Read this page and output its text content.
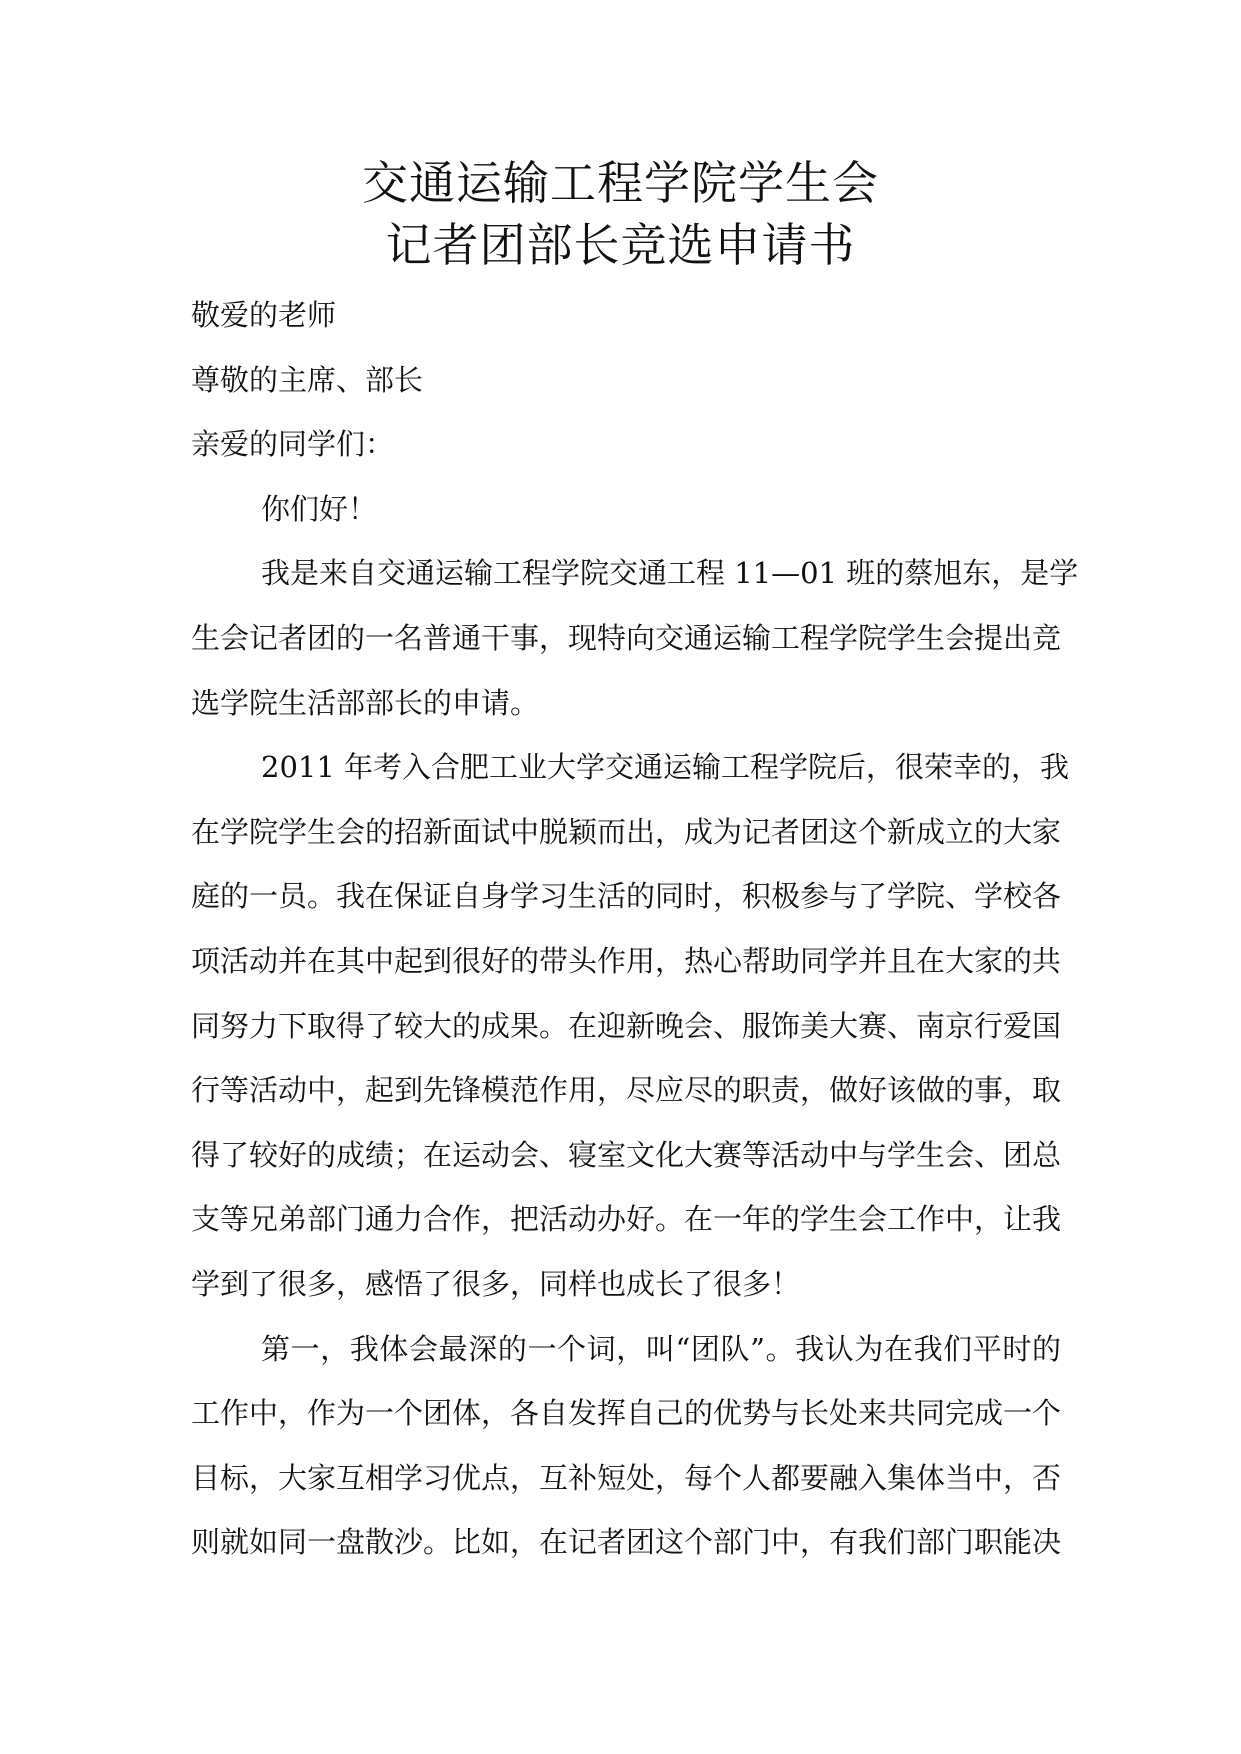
交通运输工程学院学生会
记者团部长竞选申请书
敬爱的老师
尊敬的主席、部长
亲爱的同学们：
你们好！
我是来自交通运输工程学院交通工程 11—01 班的蔡旭东，是学
生会记者团的一名普通干事，现特向交通运输工程学院学生会提出竞
选学院生活部部长的申请。
2011 年考入合肥工业大学交通运输工程学院后，很荣幸的，我
在学院学生会的招新面试中脱颖而出，成为记者团这个新成立的大家
庭的一员。我在保证自身学习生活的同时，积极参与了学院、学校各
项活动并在其中起到很好的带头作用，热心帮助同学并且在大家的共
同努力下取得了较大的成果。在迎新晚会、服饰美大赛、南京行爱国
行等活动中，起到先锋模范作用，尽应尽的职责，做好该做的事，取
得了较好的成绩；在运动会、寝室文化大赛等活动中与学生会、团总
支等兄弟部门通力合作，把活动办好。在一年的学生会工作中，让我
学到了很多，感悟了很多，同样也成长了很多！
第一，我体会最深的一个词，叫“团队”。我认为在我们平时的
工作中，作为一个团体，各自发挥自己的优势与长处来共同完成一个
目标，大家互相学习优点，互补短处，每个人都要融入集体当中，否
则就如同一盘散沙。比如，在记者团这个部门中，有我们部门职能决
